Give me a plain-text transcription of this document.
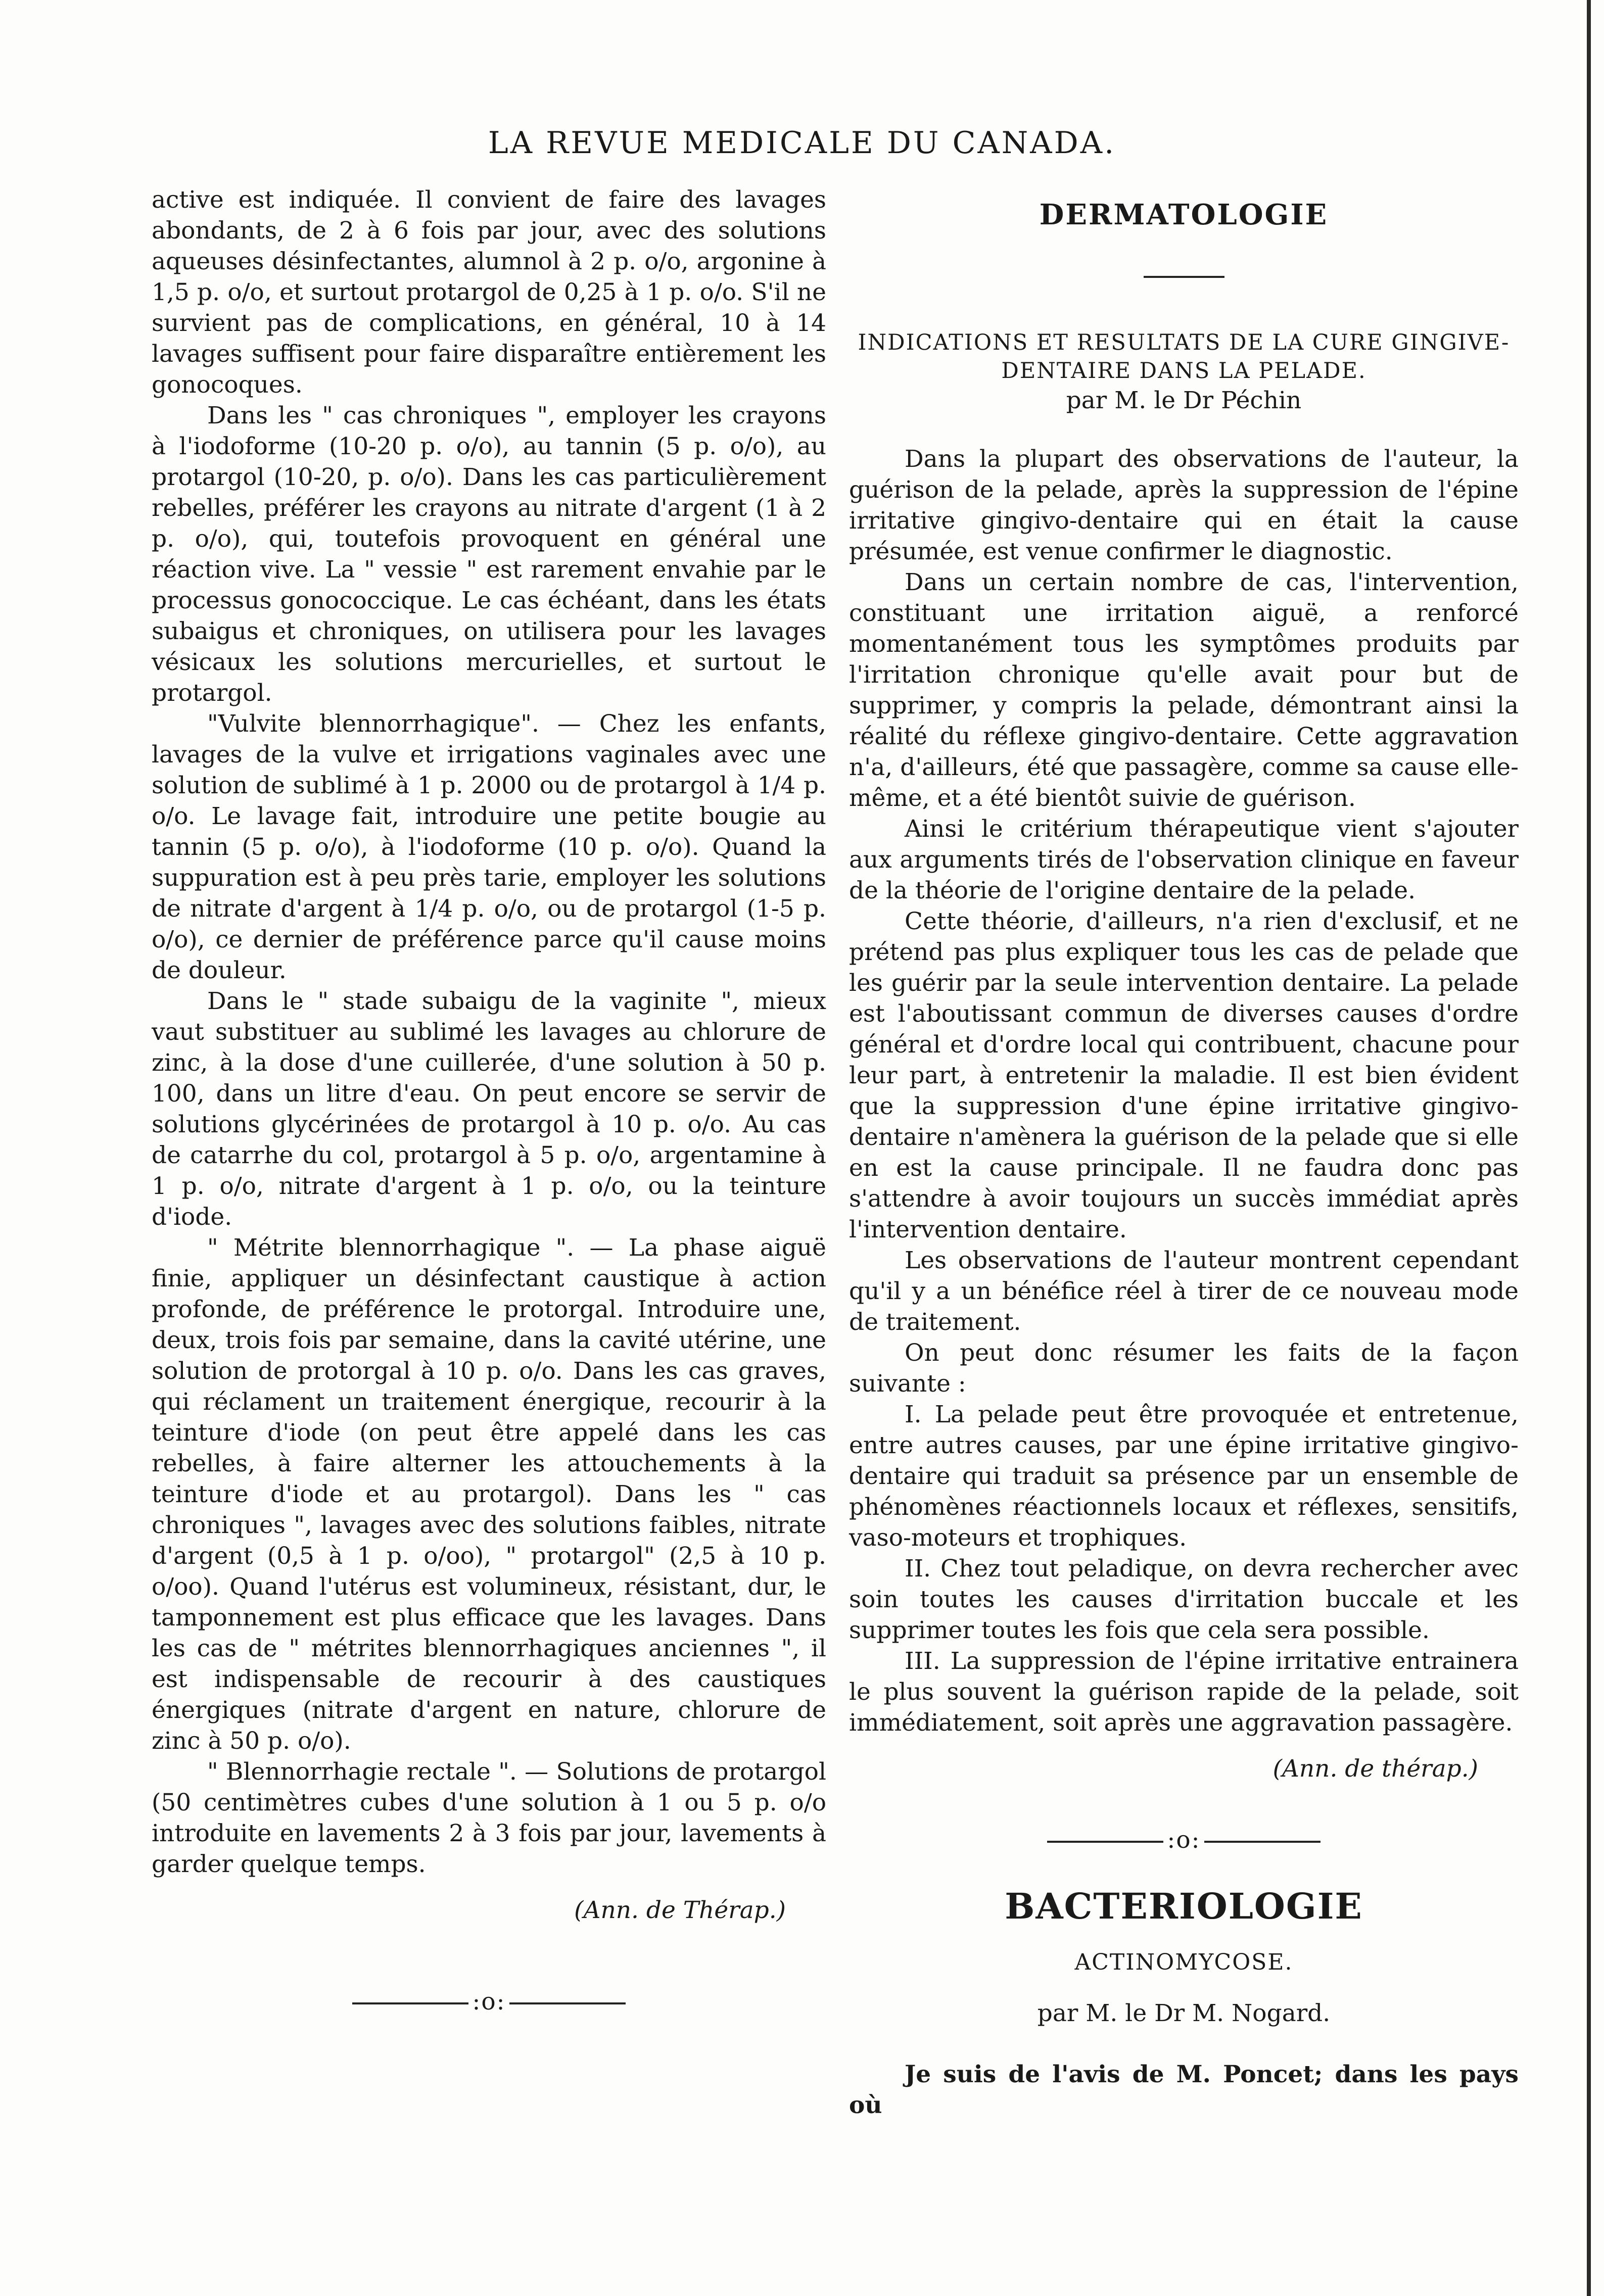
LA REVUE MEDICALE DU CANADA.

active est indiquée. Il convient de faire des lavages abondants, de 2 à 6 fois par jour, avec des solutions aqueuses désinfectantes, alumnol à 2 p. o/o, argonine à 1,5 p. o/o, et surtout protargol de 0,25 à 1 p. o/o. S'il ne survient pas de complications, en général, 10 à 14 lavages suffisent pour faire disparaître entièrement les gonocoques.

Dans les " cas chroniques ", employer les crayons à l'iodoforme (10-20 p. o/o), au tannin (5 p. o/o), au protargol (10-20, p. o/o). Dans les cas particulièrement rebelles, préférer les crayons au nitrate d'argent (1 à 2 p. o/o), qui, toutefois provoquent en général une réaction vive. La " vessie " est rarement envahie par le processus gonococcique. Le cas échéant, dans les états subaigus et chroniques, on utilisera pour les lavages vésicaux les solutions mercurielles, et surtout le protargol.

"Vulvite blennorrhagique". — Chez les enfants, lavages de la vulve et irrigations vaginales avec une solution de sublimé à 1 p. 2000 ou de protargol à 1/4 p. o/o. Le lavage fait, introduire une petite bougie au tannin (5 p. o/o), à l'iodoforme (10 p. o/o). Quand la suppuration est à peu près tarie, employer les solutions de nitrate d'argent à 1/4 p. o/o, ou de protargol (1-5 p. o/o), ce dernier de préférence parce qu'il cause moins de douleur.

Dans le " stade subaigu de la vaginite ", mieux vaut substituer au sublimé les lavages au chlorure de zinc, à la dose d'une cuillerée, d'une solution à 50 p. 100, dans un litre d'eau. On peut encore se servir de solutions glycérinées de protargol à 10 p. o/o. Au cas de catarrhe du col, protargol à 5 p. o/o, argentamine à 1 p. o/o, nitrate d'argent à 1 p. o/o, ou la teinture d'iode.

" Métrite blennorrhagique ". — La phase aiguë finie, appliquer un désinfectant caustique à action profonde, de préférence le protorgal. Introduire une, deux, trois fois par semaine, dans la cavité utérine, une solution de protorgal à 10 p. o/o. Dans les cas graves, qui réclament un traitement énergique, recourir à la teinture d'iode (on peut être appelé dans les cas rebelles, à faire alterner les attouchements à la teinture d'iode et au protargol). Dans les " cas chroniques ", lavages avec des solutions faibles, nitrate d'argent (0,5 à 1 p. o/oo), " protargol" (2,5 à 10 p. o/oo). Quand l'utérus est volumineux, résistant, dur, le tamponnement est plus efficace que les lavages. Dans les cas de " métrites blennorrhagiques anciennes ", il est indispensable de recourir à des caustiques énergiques (nitrate d'argent en nature, chlorure de zinc à 50 p. o/o).

" Blennorrhagie rectale ". — Solutions de protargol (50 centimètres cubes d'une solution à 1 ou 5 p. o/o introduite en lavements 2 à 3 fois par jour, lavements à garder quelque temps.

(Ann. de Thérap.)
:o:
DERMATOLOGIE
INDICATIONS ET RESULTATS DE LA CURE GINGIVE-DENTAIRE DANS LA PELADE.
par M. le Dr Péchin

Dans la plupart des observations de l'auteur, la guérison de la pelade, après la suppression de l'épine irritative gingivo-dentaire qui en était la cause présumée, est venue confirmer le diagnostic.

Dans un certain nombre de cas, l'intervention, constituant une irritation aiguë, a renforcé momentanément tous les symptômes produits par l'irritation chronique qu'elle avait pour but de supprimer, y compris la pelade, démontrant ainsi la réalité du réflexe gingivo-dentaire. Cette aggravation n'a, d'ailleurs, été que passagère, comme sa cause elle-même, et a été bientôt suivie de guérison.

Ainsi le critérium thérapeutique vient s'ajouter aux arguments tirés de l'observation clinique en faveur de la théorie de l'origine dentaire de la pelade.

Cette théorie, d'ailleurs, n'a rien d'exclusif, et ne prétend pas plus expliquer tous les cas de pelade que les guérir par la seule intervention dentaire. La pelade est l'aboutissant commun de diverses causes d'ordre général et d'ordre local qui contribuent, chacune pour leur part, à entretenir la maladie. Il est bien évident que la suppression d'une épine irritative gingivo-dentaire n'amènera la guérison de la pelade que si elle en est la cause principale. Il ne faudra donc pas s'attendre à avoir toujours un succès immédiat après l'intervention dentaire.

Les observations de l'auteur montrent cependant qu'il y a un bénéfice réel à tirer de ce nouveau mode de traitement.

On peut donc résumer les faits de la façon suivante :

I. La pelade peut être provoquée et entretenue, entre autres causes, par une épine irritative gingivo-dentaire qui traduit sa présence par un ensemble de phénomènes réactionnels locaux et réflexes, sensitifs, vaso-moteurs et trophiques.

II. Chez tout peladique, on devra rechercher avec soin toutes les causes d'irritation buccale et les supprimer toutes les fois que cela sera possible.

III. La suppression de l'épine irritative entrainera le plus souvent la guérison rapide de la pelade, soit immédiatement, soit après une aggravation passagère.

(Ann. de thérap.)
:o:
BACTERIOLOGIE
ACTINOMYCOSE.
par M. le Dr M. Nogard.

Je suis de l'avis de M. Poncet; dans les pays où
